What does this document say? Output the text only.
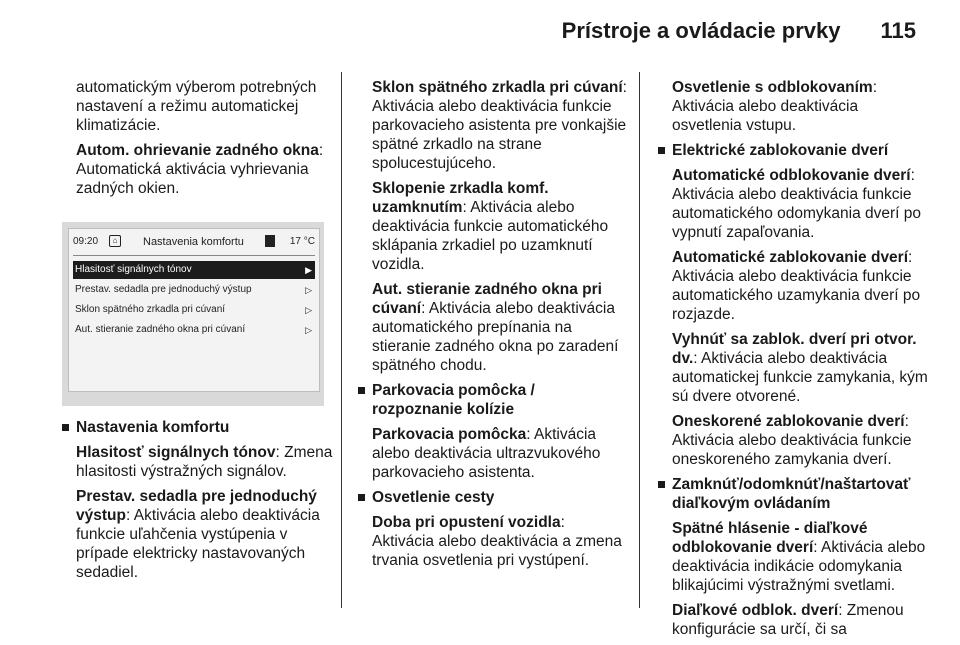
Prístroje a ovládacie prvky 115

automatickým výberom potrebných nastavení a režimu automatickej klimatizácie.

Autom. ohrievanie zadného okna: Automatická aktivácia vyhrievania zadných okien.

09:20	⌂	Nastavenia komfortu	17 °C
Hlasitosť signálnych tónov	▶
Prestav. sedadla pre jednoduchý výstup	▷
Sklon spätného zrkadla pri cúvaní	▷
Aut. stieranie zadného okna pri cúvaní	▷
Nastavenia komfortu

Hlasitosť signálnych tónov: Zmena hlasitosti výstražných signálov.

Prestav. sedadla pre jednoduchý výstup: Aktivácia alebo deaktivácia funkcie uľahčenia vystúpenia v prípade elektricky nastavovaných sedadiel.

Sklon spätného zrkadla pri cúvaní: Aktivácia alebo deaktivácia funkcie parkovacieho asistenta pre vonkajšie spätné zrkadlo na strane spolucestujúceho.

Sklopenie zrkadla komf. uzamknutím: Aktivácia alebo deaktivácia funkcie automatického sklápania zrkadiel po uzamknutí vozidla.

Aut. stieranie zadného okna pri cúvaní: Aktivácia alebo deaktivácia automatického prepínania na stieranie zadného okna po zaradení spätného chodu.

Parkovacia pomôcka / rozpoznanie kolízie

Parkovacia pomôcka: Aktivácia alebo deaktivácia ultrazvukového parkovacieho asistenta.

Osvetlenie cesty

Doba pri opustení vozidla: Aktivácia alebo deaktivácia a zmena trvania osvetlenia pri vystúpení.

Osvetlenie s odblokovaním: Aktivácia alebo deaktivácia osvetlenia vstupu.

Elektrické zablokovanie dverí

Automatické odblokovanie dverí: Aktivácia alebo deaktivácia funkcie automatického odomykania dverí po vypnutí zapaľovania.

Automatické zablokovanie dverí: Aktivácia alebo deaktivácia funkcie automatického uzamykania dverí po rozjazde.

Vyhnúť sa zablok. dverí pri otvor. dv.: Aktivácia alebo deaktivácia automatickej funkcie zamykania, kým sú dvere otvorené.

Oneskorené zablokovanie dverí: Aktivácia alebo deaktivácia funkcie oneskoreného zamykania dverí.

Zamknúť/odomknúť/naštartovať diaľkovým ovládaním

Spätné hlásenie - diaľkové odblokovanie dverí: Aktivácia alebo deaktivácia indikácie odomykania blikajúcimi výstražnými svetlami.

Diaľkové odblok. dverí: Zmenou konfigurácie sa určí, či sa
